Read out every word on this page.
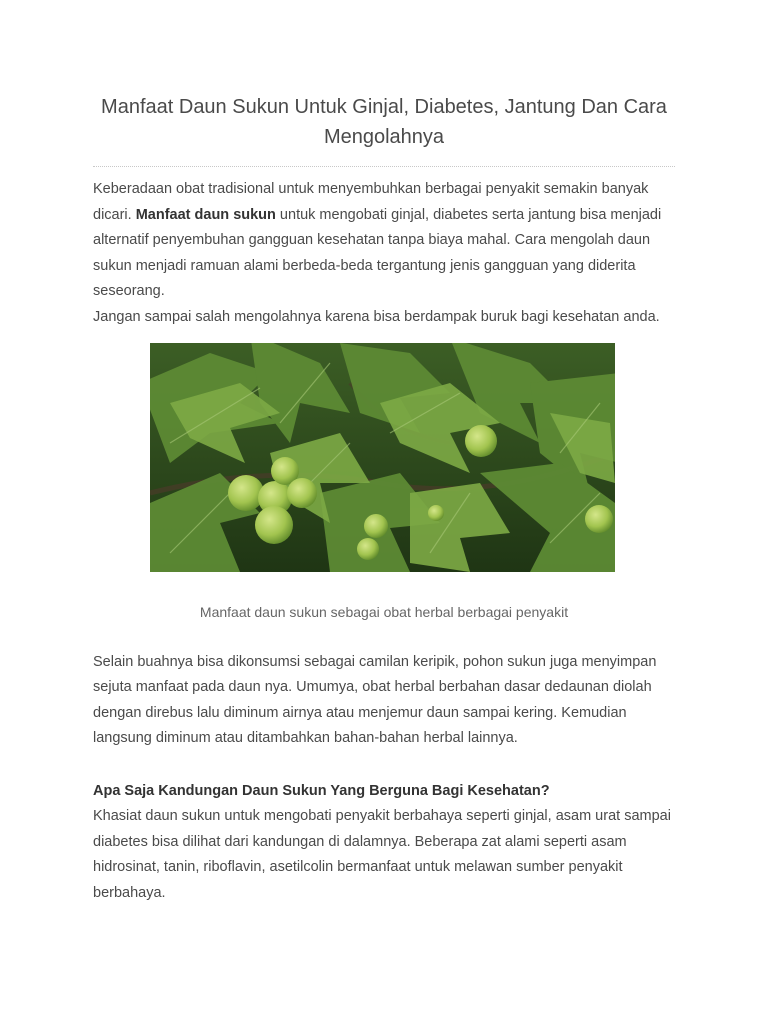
Manfaat Daun Sukun Untuk Ginjal, Diabetes, Jantung Dan Cara Mengolahnya

Keberadaan obat tradisional untuk menyembuhkan berbagai penyakit semakin banyak dicari. Manfaat daun sukun untuk mengobati ginjal, diabetes serta jantung bisa menjadi alternatif penyembuhan gangguan kesehatan tanpa biaya mahal. Cara mengolah daun sukun menjadi ramuan alami berbeda-beda tergantung jenis gangguan yang diderita seseorang.
Jangan sampai salah mengolahnya karena bisa berdampak buruk bagi kesehatan anda.

Manfaat daun sukun sebagai obat herbal berbagai penyakit

Selain buahnya bisa dikonsumsi sebagai camilan keripik, pohon sukun juga menyimpan sejuta manfaat pada daun nya. Umumya, obat herbal berbahan dasar dedaunan diolah dengan direbus lalu diminum airnya atau menjemur daun sampai kering. Kemudian langsung diminum atau ditambahkan bahan-bahan herbal lainnya.

Apa Saja Kandungan Daun Sukun Yang Berguna Bagi Kesehatan?

Khasiat daun sukun untuk mengobati penyakit berbahaya seperti ginjal, asam urat sampai diabetes bisa dilihat dari kandungan di dalamnya. Beberapa zat alami seperti asam hidrosinat, tanin, riboflavin, asetilcolin bermanfaat untuk melawan sumber penyakit berbahaya.
